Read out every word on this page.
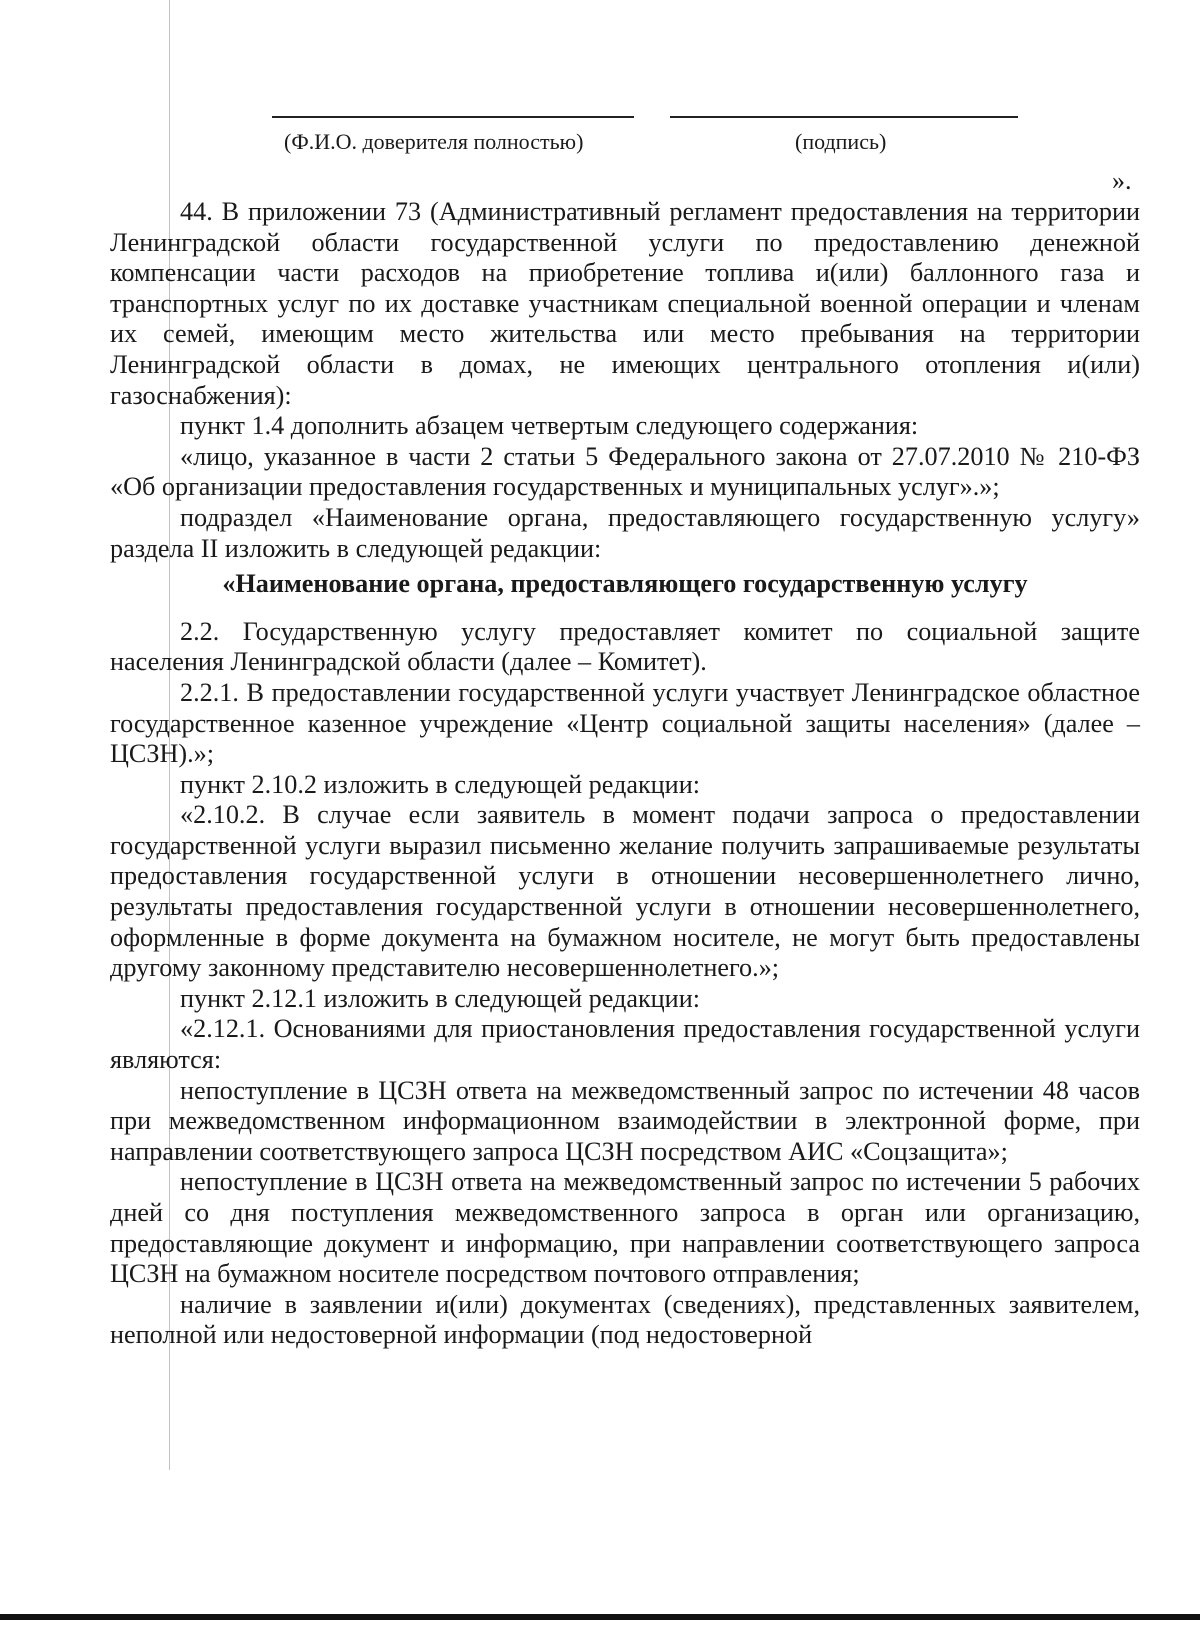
(Ф.И.О. доверителя полностью)	(подпись)
».

44. В приложении 73 (Административный регламент предоставления на территории Ленинградской области государственной услуги по предоставлению денежной компенсации части расходов на приобретение топлива и(или) баллонного газа и транспортных услуг по их доставке участникам специальной военной операции и членам их семей, имеющим место жительства или место пребывания на территории Ленинградской области в домах, не имеющих центрального отопления и(или) газоснабжения):

пункт 1.4 дополнить абзацем четвертым следующего содержания:

«лицо, указанное в части 2 статьи 5 Федерального закона от 27.07.2010 № 210-ФЗ «Об организации предоставления государственных и муниципальных услуг».»;

подраздел «Наименование органа, предоставляющего государственную услугу» раздела II изложить в следующей редакции:

«Наименование органа, предоставляющего государственную услугу

2.2. Государственную услугу предоставляет комитет по социальной защите населения Ленинградской области (далее – Комитет).

2.2.1. В предоставлении государственной услуги участвует Ленинградское областное государственное казенное учреждение «Центр социальной защиты населения» (далее – ЦСЗН).»;

пункт 2.10.2 изложить в следующей редакции:

«2.10.2. В случае если заявитель в момент подачи запроса о предоставлении государственной услуги выразил письменно желание получить запрашиваемые результаты предоставления государственной услуги в отношении несовершеннолетнего лично, результаты предоставления государственной услуги в отношении несовершеннолетнего, оформленные в форме документа на бумажном носителе, не могут быть предоставлены другому законному представителю несовершеннолетнего.»;

пункт 2.12.1 изложить в следующей редакции:

«2.12.1. Основаниями для приостановления предоставления государственной услуги являются:

непоступление в ЦСЗН ответа на межведомственный запрос по истечении 48 часов при межведомственном информационном взаимодействии в электронной форме, при направлении соответствующего запроса ЦСЗН посредством АИС «Соцзащита»;

непоступление в ЦСЗН ответа на межведомственный запрос по истечении 5 рабочих дней со дня поступления межведомственного запроса в орган или организацию, предоставляющие документ и информацию, при направлении соответствующего запроса ЦСЗН на бумажном носителе посредством почтового отправления;

наличие в заявлении и(или) документах (сведениях), представленных заявителем, неполной или недостоверной информации (под недостоверной
